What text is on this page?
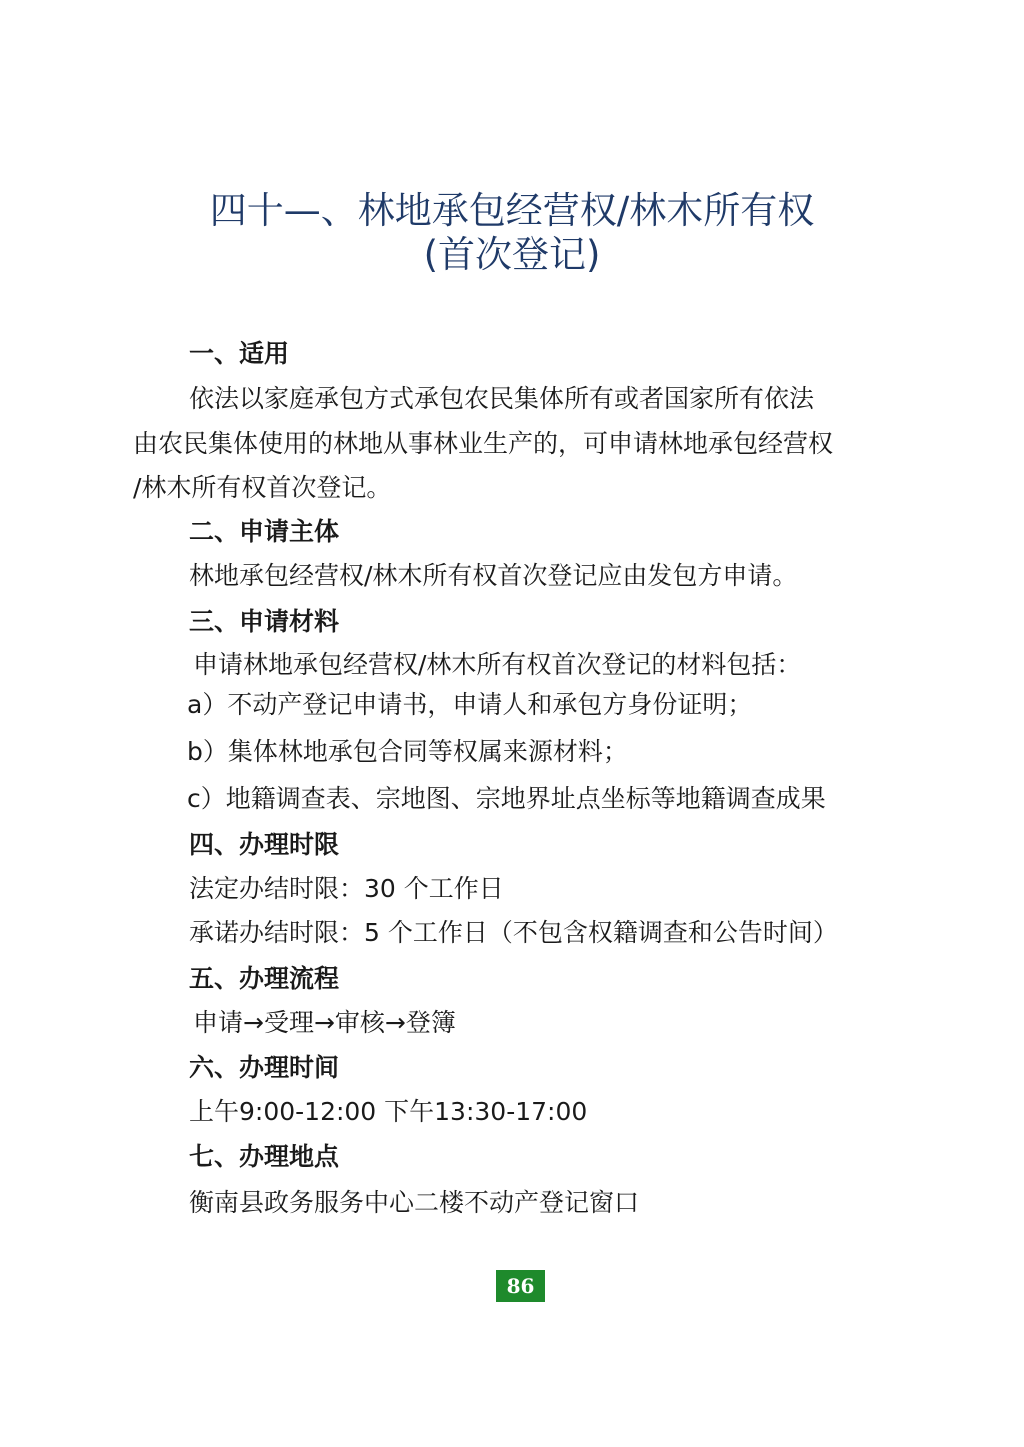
四十—、林地承包经营权/林木所有权
(首次登记)

一、适用

依法以家庭承包方式承包农民集体所有或者国家所有依法

由农民集体使用的林地从事林业生产的，可申请林地承包经营权

/林木所有权首次登记。

二、申请主体

林地承包经营权/林木所有权首次登记应由发包方申请。

三、申请材料

申请林地承包经营权/林木所有权首次登记的材料包括：

a）不动产登记申请书，申请人和承包方身份证明；

b）集体林地承包合同等权属来源材料；

c）地籍调查表、宗地图、宗地界址点坐标等地籍调查成果

四、办理时限

法定办结时限：30 个工作日

承诺办结时限：5 个工作日（不包含权籍调查和公告时间）

五、办理流程

申请→受理→审核→登簿

六、办理时间

上午9:00-12:00 下午13:30-17:00

七、办理地点

衡南县政务服务中心二楼不动产登记窗口

86
